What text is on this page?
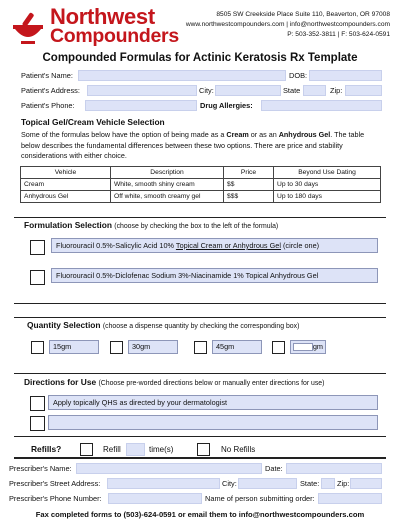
Northwest
Compounders
8505 SW Creekside Place Suite 110, Beaverton, OR 97008
www.northwestcompounders.com | info@northwestcompounders.com
P: 503-352-3811 | F: 503-624-0591
Compounded Formulas for Actinic Keratosis Rx Template
Patient's Name:	DOB:
Patient's Address:	City:	State	Zip:
Patient's Phone:	Drug Allergies:
Topical Gel/Cream Vehicle Selection
Some of the formulas below have the option of being made as a Cream or as an Anhydrous Gel. The table below describes the fundamental differences between these two options. There are price and stability considerations with either choice.
Vehicle	Description	Price	Beyond Use Dating
Cream	White, smooth shiny cream	$$	Up to 30 days
Anhydrous Gel	Off white, smooth creamy gel	$$$	Up to 180 days
Formulation Selection (choose by checking the box to the left of the formula)
Fluorouracil 0.5%-Salicylic Acid 10% Topical Cream or Anhydrous Gel (circle one)
Fluorouracil 0.5%-Diclofenac Sodium 3%-Niacinamide 1% Topical Anhydrous Gel
Quantity Selection (choose a dispense quantity by checking the corresponding box)
15gm	30gm	45gm	gm
Directions for Use (Choose pre-worded directions below or manually enter directions for use)
Apply topically QHS as directed by your dermatologist
Refills?	Refill	time(s)	No Refills
Prescriber's Name:	Date:
Prescriber's Street Address:	City:	State: Zip:
Prescriber's Phone Number:	Name of person submitting order:
Fax completed forms to (503)-624-0591 or email them to info@northwestcompounders.com
